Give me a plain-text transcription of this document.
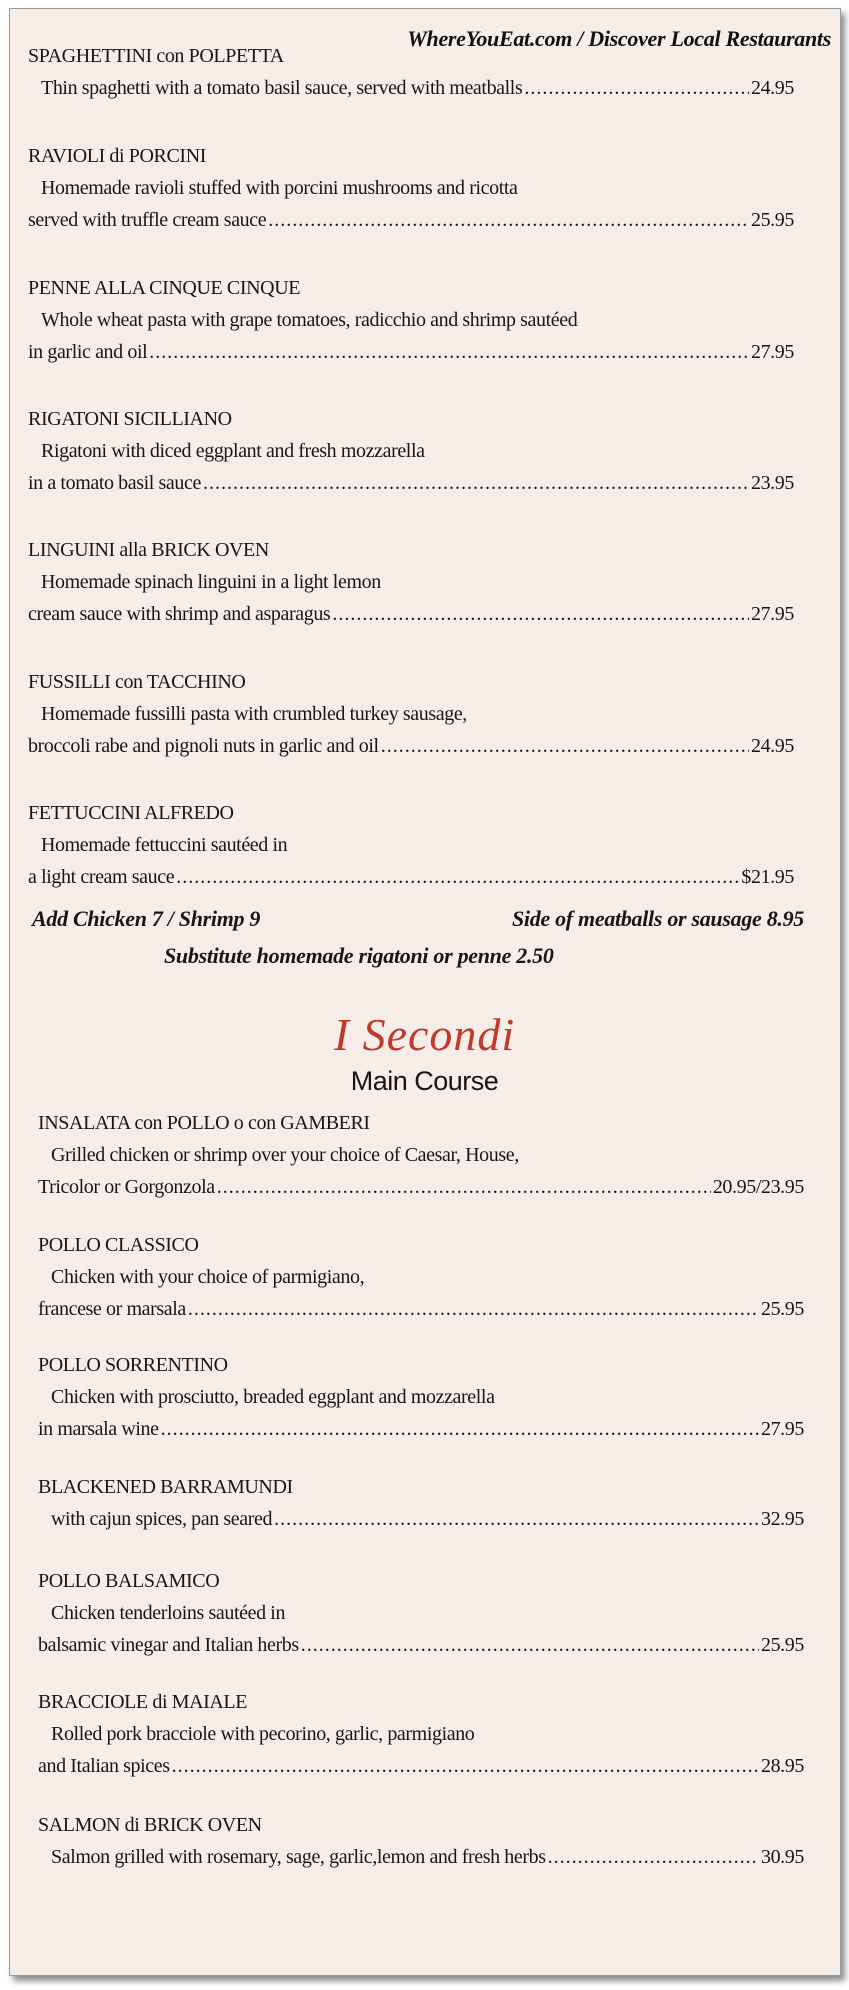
WhereYouEat.com / Discover Local Restaurants
SPAGHETTINI con POLPETTA
Thin spaghetti with a tomato basil sauce, served with meatballs .....	24.95
RAVIOLI di PORCINI
Homemade ravioli stuffed with porcini mushrooms and ricotta
served with truffle cream sauce .....	25.95
PENNE ALLA CINQUE CINQUE
Whole wheat pasta with grape tomatoes, radicchio and shrimp sautéed
in garlic and oil .....	27.95
RIGATONI SICILLIANO
Rigatoni with diced eggplant and fresh mozzarella
in a tomato basil sauce .....	23.95
LINGUINI alla BRICK OVEN
Homemade spinach linguini in a light lemon
cream sauce with shrimp and asparagus .....	27.95
FUSSILLI con TACCHINO
Homemade fussilli pasta with crumbled turkey sausage,
broccoli rabe and pignoli nuts in garlic and oil .....	24.95
FETTUCCINI ALFREDO
Homemade fettuccini sautéed in
a light cream sauce .....	$21.95
Add Chicken 7 / Shrimp 9	Side of meatballs or sausage 8.95
Substitute homemade rigatoni or penne 2.50
I Secondi
Main Course
INSALATA con POLLO o con GAMBERI
Grilled chicken or shrimp over your choice of Caesar, House,
Tricolor or Gorgonzola .....	20.95/23.95
POLLO CLASSICO
Chicken with your choice of parmigiano,
francese or marsala .....	25.95
POLLO SORRENTINO
Chicken with prosciutto, breaded eggplant and mozzarella
in marsala wine .....	27.95
BLACKENED BARRAMUNDI
with cajun spices, pan seared .....	32.95
POLLO BALSAMICO
Chicken tenderloins sautéed in
balsamic vinegar and Italian herbs .....	25.95
BRACCIOLE di MAIALE
Rolled pork bracciole with pecorino, garlic, parmigiano
and Italian spices .....	28.95
SALMON di BRICK OVEN
Salmon grilled with rosemary, sage, garlic,lemon and fresh herbs .....	30.95
